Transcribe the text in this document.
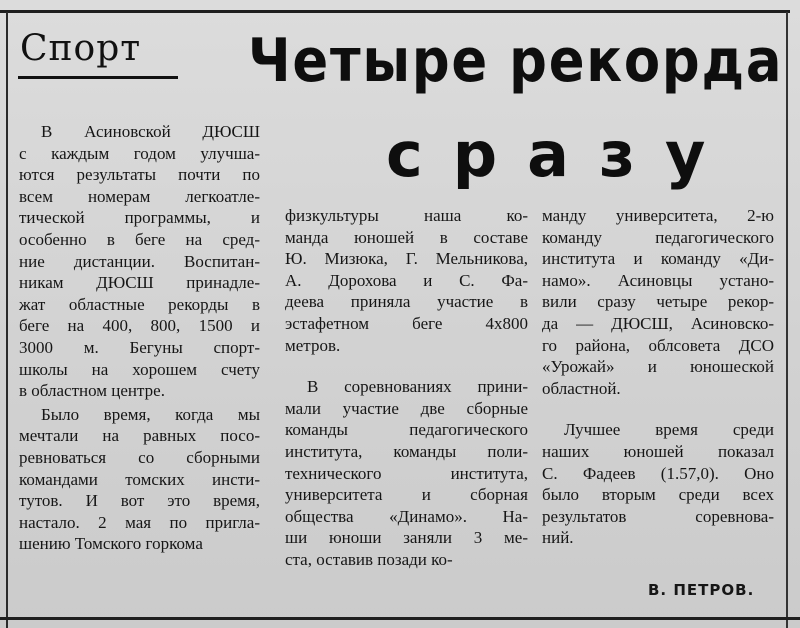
Спорт Четыре рекорда
сразу

В Асиновской ДЮСШ
с каждым годом улучша-
ются результаты почти по
всем номерам легкоатле-
тической программы, и
особенно в беге на сред-
ние дистанции. Воспитан-
никам ДЮСШ принадле-
жат областные рекорды в
беге на 400, 800, 1500 и
3000 м. Бегуны спорт-
школы на хорошем счету
в областном центре.

Было время, когда мы
мечтали на равных посо-
ревноваться со сборными
командами томских инсти-
тутов. И вот это время,
настало. 2 мая по пригла-
шению Томского горкома

физкультуры наша ко-
манда юношей в составе
Ю. Мизюка, Г. Мельникова,
А. Дорохова и С. Фа-
деева приняла участие в
эстафетном беге 4х800
метров.

В соревнованиях прини-
мали участие две сборные
команды педагогического
института, команды поли-
технического института,
университета и сборная
общества «Динамо». На-
ши юноши заняли 3 ме-
ста, оставив позади ко-

манду университета, 2-ю
команду педагогического
института и команду «Ди-
намо». Асиновцы устано-
вили сразу четыре рекор-
да — ДЮСШ, Асиновско-
го района, облсовета ДСО
«Урожай» и юношеской
областной.

Лучшее время среди
наших юношей показал
С. Фадеев (1.57,0). Оно
было вторым среди всех
результатов соревнова-
ний.

В. ПЕТРОВ.
